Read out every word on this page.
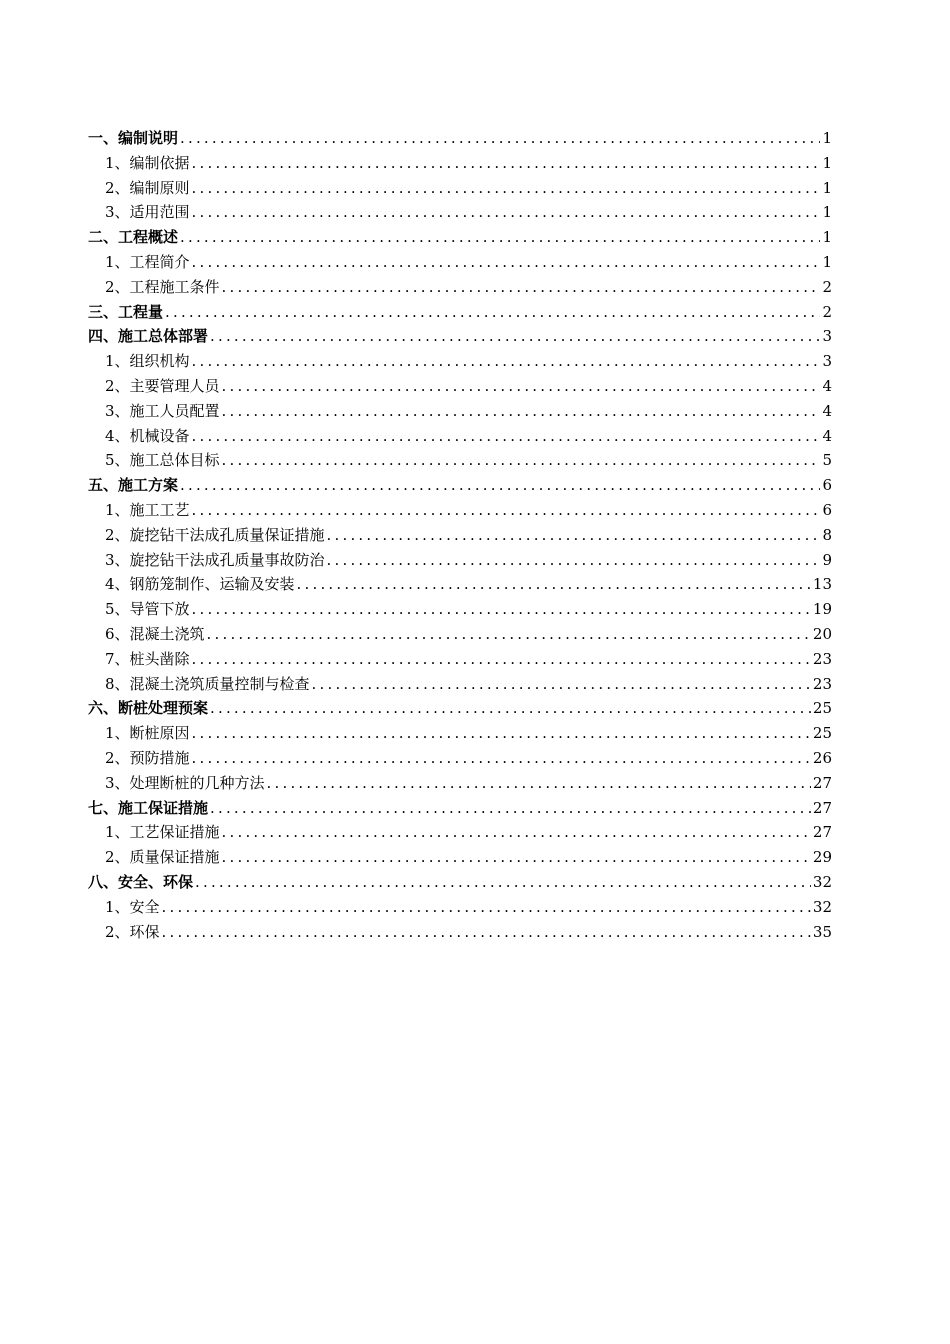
一、编制说明 .....	1
1、编制依据 .....	1
2、编制原则 .....	1
3、适用范围 .....	1
二、工程概述 .....	1
1、工程简介 .....	1
2、工程施工条件 .....	2
三、工程量 .....	2
四、施工总体部署 .....	3
1、组织机构 .....	3
2、主要管理人员 .....	4
3、施工人员配置 .....	4
4、机械设备 .....	4
5、施工总体目标 .....	5
五、施工方案 .....	6
1、施工工艺 .....	6
2、旋挖钻干法成孔质量保证措施 .....	8
3、旋挖钻干法成孔质量事故防治 .....	9
4、钢筋笼制作、运输及安装 .....	13
5、导管下放 .....	19
6、混凝土浇筑 .....	20
7、桩头凿除 .....	23
8、混凝土浇筑质量控制与检查 .....	23
六、断桩处理预案 .....	25
1、断桩原因 .....	25
2、预防措施 .....	26
3、处理断桩的几种方法 .....	27
七、施工保证措施 .....	27
1、工艺保证措施 .....	27
2、质量保证措施 .....	29
八、安全、环保 .....	32
1、安全 .....	32
2、环保 .....	35
